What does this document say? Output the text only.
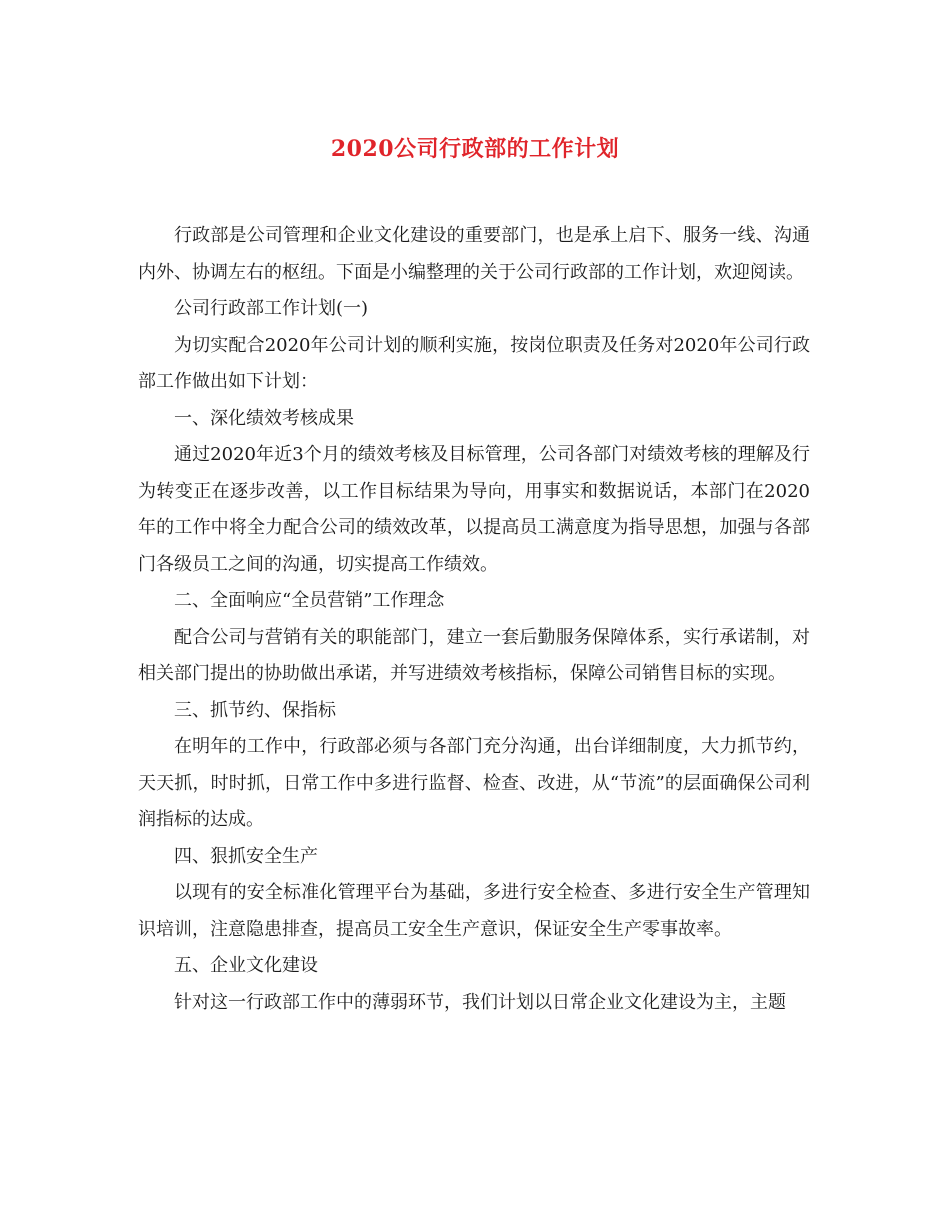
2020公司行政部的工作计划

行政部是公司管理和企业文化建设的重要部门，也是承上启下、服务一线、沟通内外、协调左右的枢纽。下面是小编整理的关于公司行政部的工作计划，欢迎阅读。

公司行政部工作计划(一)

为切实配合2020年公司计划的顺利实施，按岗位职责及任务对2020年公司行政部工作做出如下计划：

一、深化绩效考核成果

通过2020年近3个月的绩效考核及目标管理，公司各部门对绩效考核的理解及行为转变正在逐步改善，以工作目标结果为导向，用事实和数据说话，本部门在2020年的工作中将全力配合公司的绩效改革，以提高员工满意度为指导思想，加强与各部门各级员工之间的沟通，切实提高工作绩效。

二、全面响应“全员营销”工作理念

配合公司与营销有关的职能部门，建立一套后勤服务保障体系，实行承诺制，对相关部门提出的协助做出承诺，并写进绩效考核指标，保障公司销售目标的实现。

三、抓节约、保指标

在明年的工作中，行政部必须与各部门充分沟通，出台详细制度，大力抓节约，天天抓，时时抓，日常工作中多进行监督、检查、改进，从“节流”的层面确保公司利润指标的达成。

四、狠抓安全生产

以现有的安全标准化管理平台为基础，多进行安全检查、多进行安全生产管理知识培训，注意隐患排查，提高员工安全生产意识，保证安全生产零事故率。

五、企业文化建设

针对这一行政部工作中的薄弱环节，我们计划以日常企业文化建设为主，主题
